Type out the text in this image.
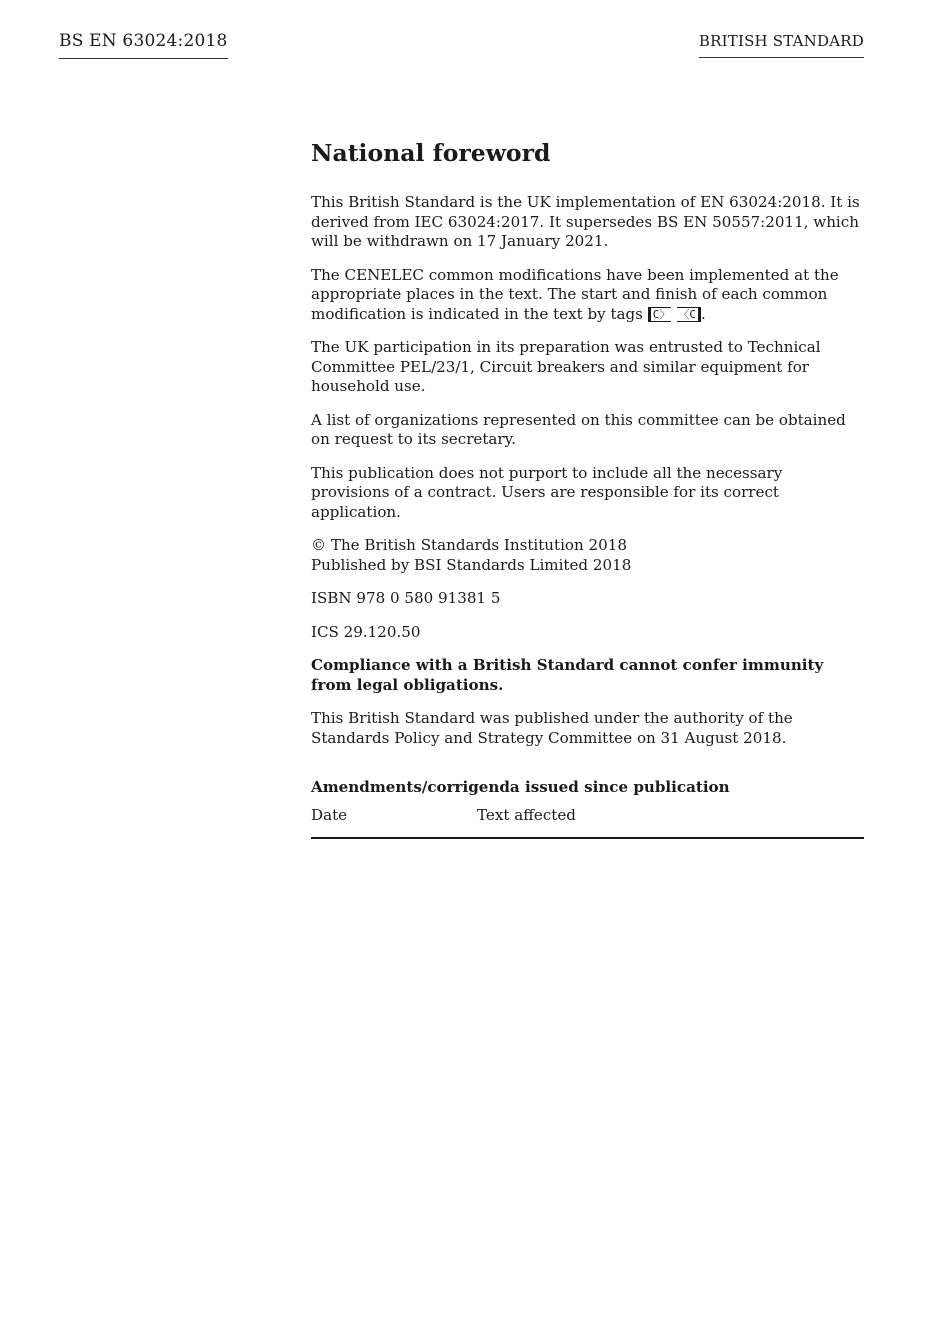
BS EN 63024:2018	BRITISH STANDARD
National foreword

This British Standard is the UK implementation of EN 63024:2018. It is derived from IEC 63024:2017. It supersedes BS EN 50557:2011, which will be withdrawn on 17 January 2021.

The CENELEC common modifications have been implemented at the appropriate places in the text. The start and finish of each common modification is indicated in the text by tags C〉 〈C .

The UK participation in its preparation was entrusted to Technical Committee PEL/23/1, Circuit breakers and similar equipment for household use.

A list of organizations represented on this committee can be obtained on request to its secretary.

This publication does not purport to include all the necessary provisions of a contract. Users are responsible for its correct application.

© The British Standards Institution 2018
Published by BSI Standards Limited 2018

ISBN 978 0 580 91381 5

ICS 29.120.50

Compliance with a British Standard cannot confer immunity from legal obligations.

This British Standard was published under the authority of the Standards Policy and Strategy Committee on 31 August 2018.

Amendments/corrigenda issued since publication
Date	Text affected
